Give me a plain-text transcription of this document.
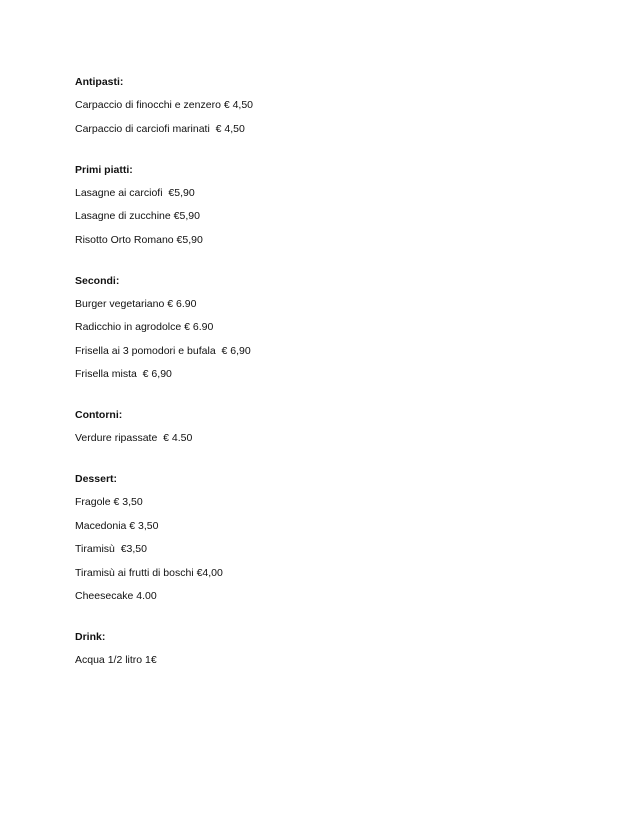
Antipasti:
Carpaccio di finocchi e zenzero € 4,50
Carpaccio di carciofi marinati  € 4,50
Primi piatti:
Lasagne ai carciofi  €5,90
Lasagne di zucchine €5,90
Risotto Orto Romano €5,90
Secondi:
Burger vegetariano € 6.90
Radicchio in agrodolce € 6.90
Frisella ai 3 pomodori e bufala  € 6,90
Frisella mista  € 6,90
Contorni:
Verdure ripassate  € 4.50
Dessert:
Fragole € 3,50
Macedonia € 3,50
Tiramisù  €3,50
Tiramisù ai frutti di boschi €4,00
Cheesecake 4.00
Drink:
Acqua 1/2 litro 1€
